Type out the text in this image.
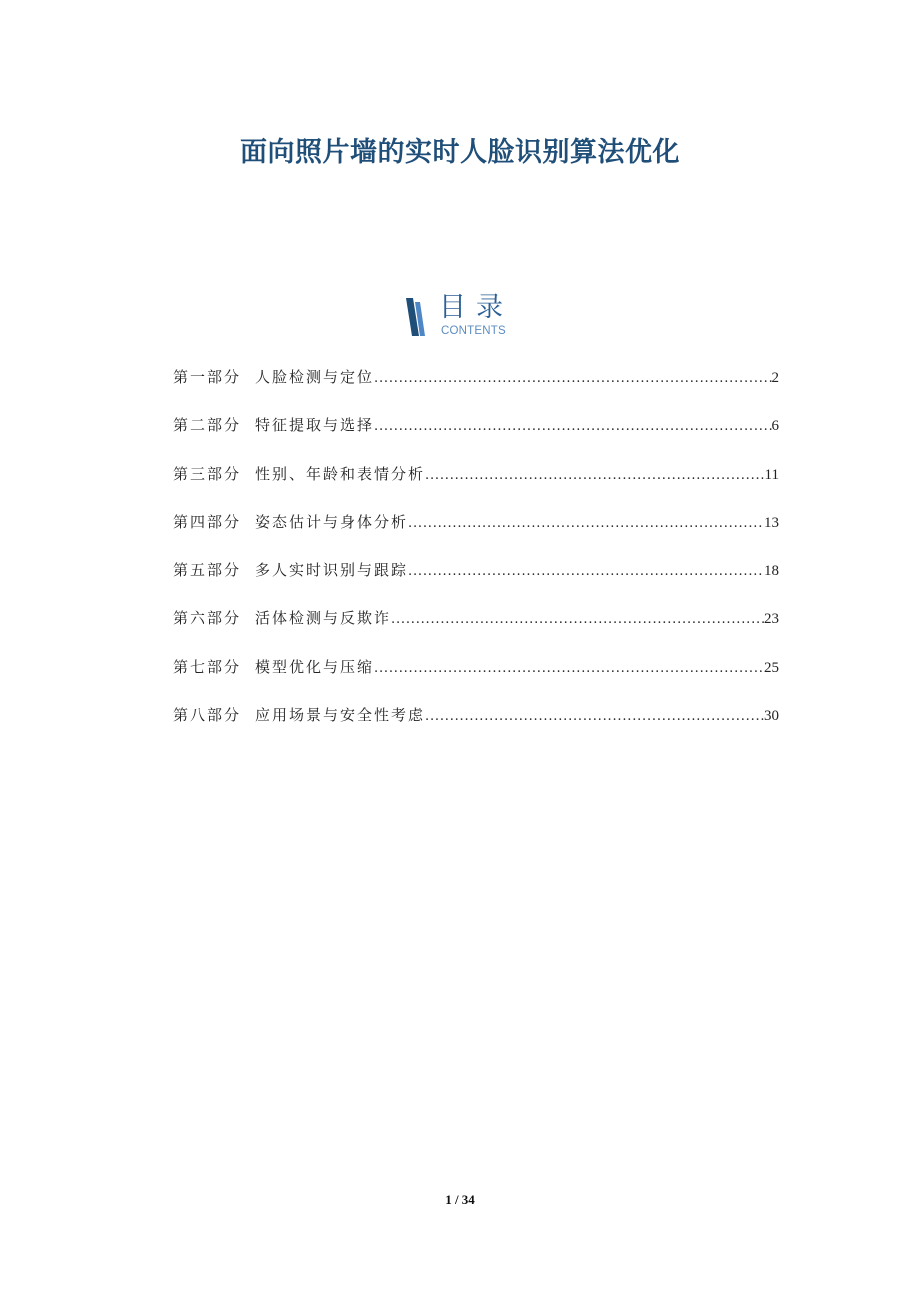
面向照片墙的实时人脸识别算法优化
目录
CONTENTS
第一部分 人脸检测与定位 .....	2
第二部分 特征提取与选择 .....	6
第三部分 性别、年龄和表情分析 .....	11
第四部分 姿态估计与身体分析 .....	13
第五部分 多人实时识别与跟踪 .....	18
第六部分 活体检测与反欺诈 .....	23
第七部分 模型优化与压缩 .....	25
第八部分 应用场景与安全性考虑 .....	30
1 / 34
